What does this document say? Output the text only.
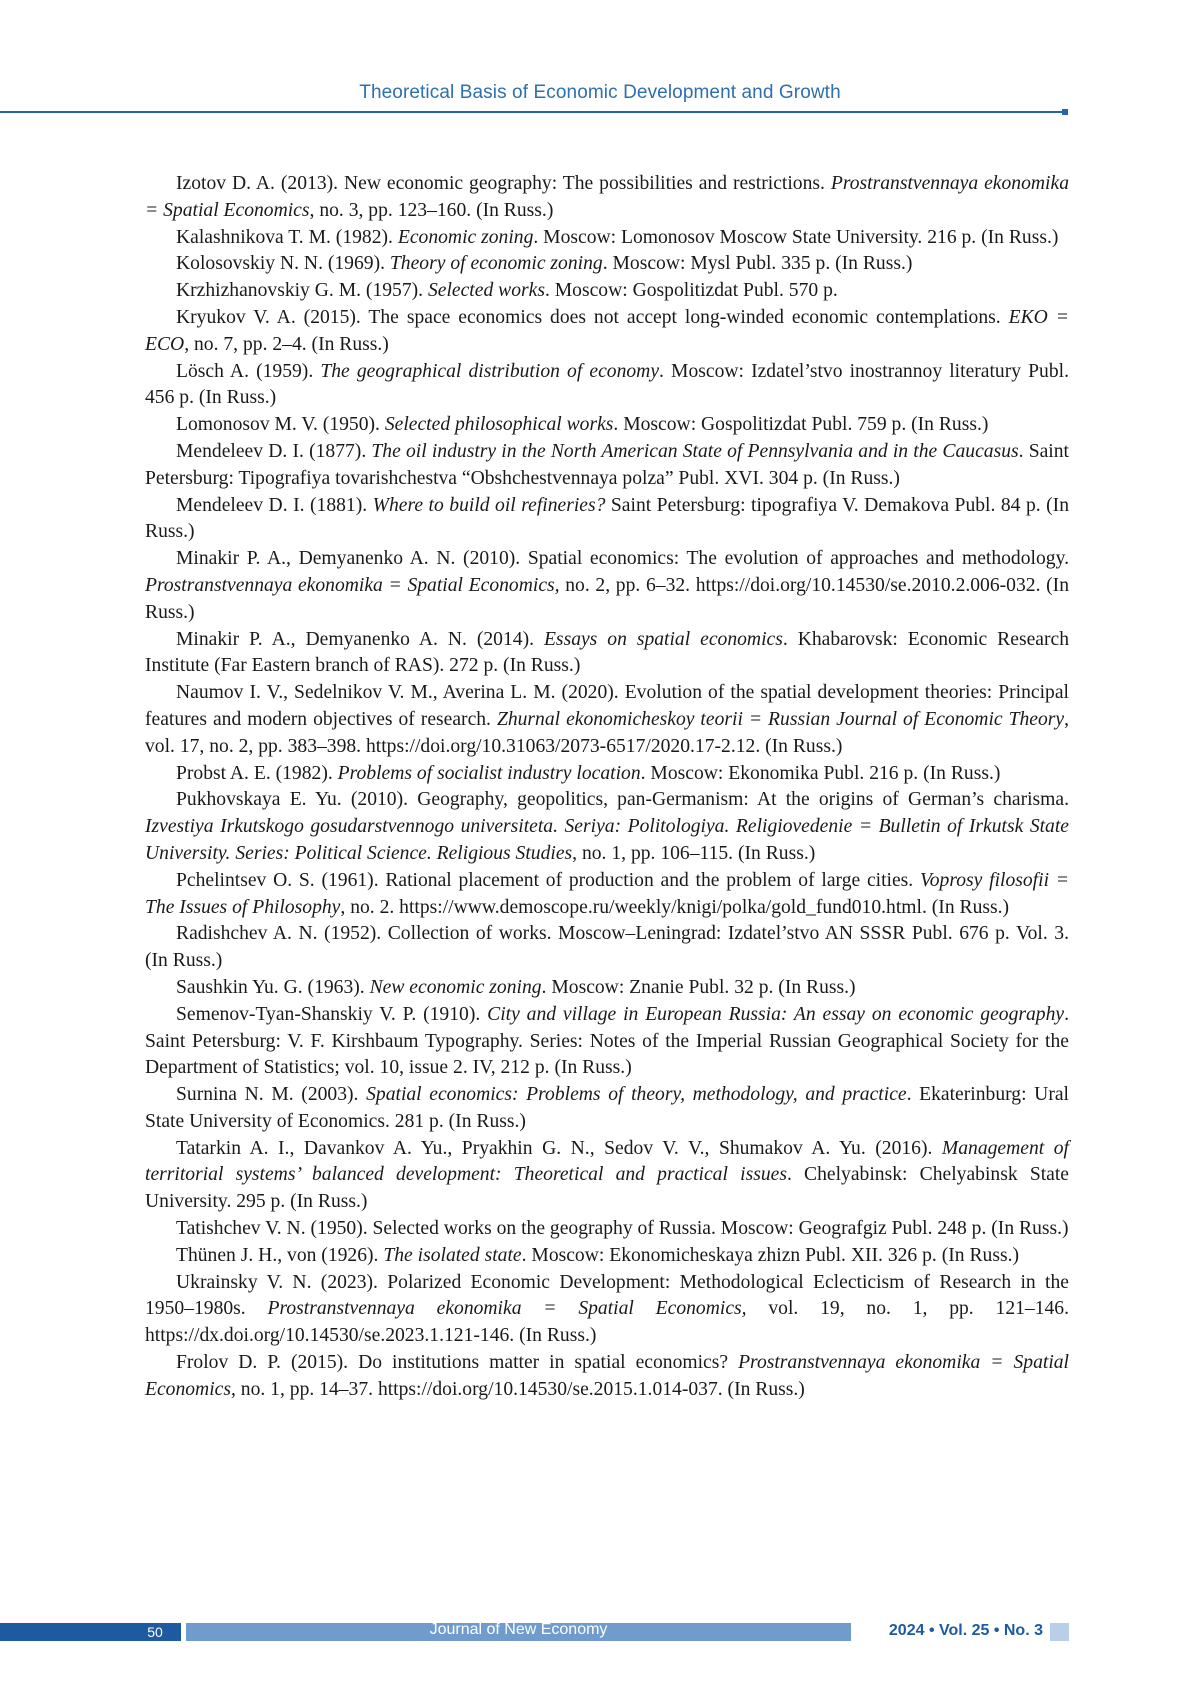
Theoretical Basis of Economic Development and Growth

Izotov D. A. (2013). New economic geography: The possibilities and restrictions. Prostranstvennaya ekonomika = Spatial Economics, no. 3, pp. 123–160. (In Russ.)

Kalashnikova T. M. (1982). Economic zoning. Moscow: Lomonosov Moscow State University. 216 p. (In Russ.)

Kolosovskiy N. N. (1969). Theory of economic zoning. Moscow: Mysl Publ. 335 p. (In Russ.)

Krzhizhanovskiy G. M. (1957). Selected works. Moscow: Gospolitizdat Publ. 570 p.

Kryukov V. A. (2015). The space economics does not accept long-winded economic contemplations. EKO = ECO, no. 7, pp. 2–4. (In Russ.)

Lösch A. (1959). The geographical distribution of economy. Moscow: Izdatel’stvo inostrannoy literatury Publ. 456 p. (In Russ.)

Lomonosov M. V. (1950). Selected philosophical works. Moscow: Gospolitizdat Publ. 759 p. (In Russ.)

Mendeleev D. I. (1877). The oil industry in the North American State of Pennsylvania and in the Caucasus. Saint Petersburg: Tipografiya tovarishchestva “Obshchestvennaya polza” Publ. XVI. 304 p. (In Russ.)

Mendeleev D. I. (1881). Where to build oil refineries? Saint Petersburg: tipografiya V. Demakova Publ. 84 p. (In Russ.)

Minakir P. A., Demyanenko A. N. (2010). Spatial economics: The evolution of approaches and methodology. Prostranstvennaya ekonomika = Spatial Economics, no. 2, pp. 6–32. https://doi.org/10.14530/se.2010.2.006-032. (In Russ.)

Minakir P. A., Demyanenko A. N. (2014). Essays on spatial economics. Khabarovsk: Economic Research Institute (Far Eastern branch of RAS). 272 p. (In Russ.)

Naumov I. V., Sedelnikov V. M., Averina L. M. (2020). Evolution of the spatial development theories: Principal features and modern objectives of research. Zhurnal ekonomicheskoy teorii = Russian Journal of Economic Theory, vol. 17, no. 2, pp. 383–398. https://doi.org/10.31063/2073-6517/2020.17-2.12. (In Russ.)

Probst A. E. (1982). Problems of socialist industry location. Moscow: Ekonomika Publ. 216 p. (In Russ.)

Pukhovskaya E. Yu. (2010). Geography, geopolitics, pan-Germanism: At the origins of German’s charisma. Izvestiya Irkutskogo gosudarstvennogo universiteta. Seriya: Politologiya. Religiovedenie = Bulletin of Irkutsk State University. Series: Political Science. Religious Studies, no. 1, pp. 106–115. (In Russ.)

Pchelintsev O. S. (1961). Rational placement of production and the problem of large cities. Voprosy filosofii = The Issues of Philosophy, no. 2. https://www.demoscope.ru/weekly/knigi/polka/gold_fund010.html. (In Russ.)

Radishchev A. N. (1952). Collection of works. Moscow–Leningrad: Izdatel’stvo AN SSSR Publ. 676 p. Vol. 3. (In Russ.)

Saushkin Yu. G. (1963). New economic zoning. Moscow: Znanie Publ. 32 p. (In Russ.)

Semenov-Tyan-Shanskiy V. P. (1910). City and village in European Russia: An essay on economic geography. Saint Petersburg: V. F. Kirshbaum Typography. Series: Notes of the Imperial Russian Geographical Society for the Department of Statistics; vol. 10, issue 2. IV, 212 p. (In Russ.)

Surnina N. M. (2003). Spatial economics: Problems of theory, methodology, and practice. Ekaterinburg: Ural State University of Economics. 281 p. (In Russ.)

Tatarkin A. I., Davankov A. Yu., Pryakhin G. N., Sedov V. V., Shumakov A. Yu. (2016). Management of territorial systems’ balanced development: Theoretical and practical issues. Chelyabinsk: Chelyabinsk State University. 295 p. (In Russ.)

Tatishchev V. N. (1950). Selected works on the geography of Russia. Moscow: Geografgiz Publ. 248 p. (In Russ.)

Thünen J. H., von (1926). The isolated state. Moscow: Ekonomicheskaya zhizn Publ. XII. 326 p. (In Russ.)

Ukrainsky V. N. (2023). Polarized Economic Development: Methodological Eclecticism of Research in the 1950–1980s. Prostranstvennaya ekonomika = Spatial Economics, vol. 19, no. 1, pp. 121–146. https://dx.doi.org/10.14530/se.2023.1.121-146. (In Russ.)

Frolov D. P. (2015). Do institutions matter in spatial economics? Prostranstvennaya ekonomika = Spatial Economics, no. 1, pp. 14–37. https://doi.org/10.14530/se.2015.1.014-037. (In Russ.)

50	Journal of New Economy	2024 • Vol. 25 • No. 3
